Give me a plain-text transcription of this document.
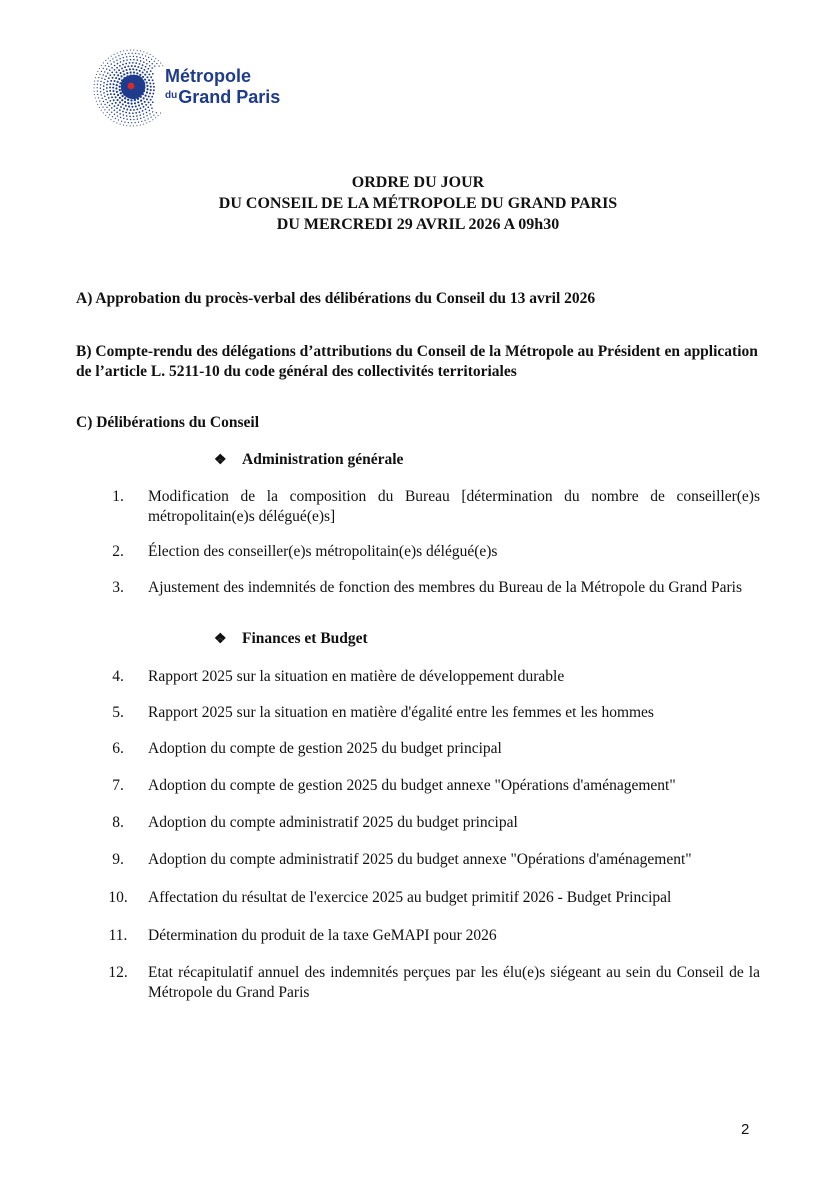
Métropole
$^{du}$Grand Paris
ORDRE DU JOUR
DU CONSEIL DE LA MÉTROPOLE DU GRAND PARIS
DU MERCREDI 29 AVRIL 2026 A 09h30
A) Approbation du procès-verbal des délibérations du Conseil du 13 avril 2026
B) Compte-rendu des délégations d’attributions du Conseil de la Métropole au Président en application de l’article L. 5211-10 du code général des collectivités territoriales
C) Délibérations du Conseil
❖ Administration générale
❖ Finances et Budget
1.	Modification de la composition du Bureau [détermination du nombre de conseiller(e)s métropolitain(e)s délégué(e)s]
2.	Élection des conseiller(e)s métropolitain(e)s délégué(e)s
3.	Ajustement des indemnités de fonction des membres du Bureau de la Métropole du Grand Paris
4.	Rapport 2025 sur la situation en matière de développement durable
5.	Rapport 2025 sur la situation en matière d'égalité entre les femmes et les hommes
6.	Adoption du compte de gestion 2025 du budget principal
7.	Adoption du compte de gestion 2025 du budget annexe "Opérations d'aménagement"
8.	Adoption du compte administratif 2025 du budget principal
9.	Adoption du compte administratif 2025 du budget annexe "Opérations d'aménagement"
10. Affectation du résultat de l'exercice 2025 au budget primitif 2026 - Budget Principal
11. Détermination du produit de la taxe GeMAPI pour 2026
12. Etat récapitulatif annuel des indemnités perçues par les élu(e)s siégeant au sein du Conseil de la Métropole du Grand Paris
2
